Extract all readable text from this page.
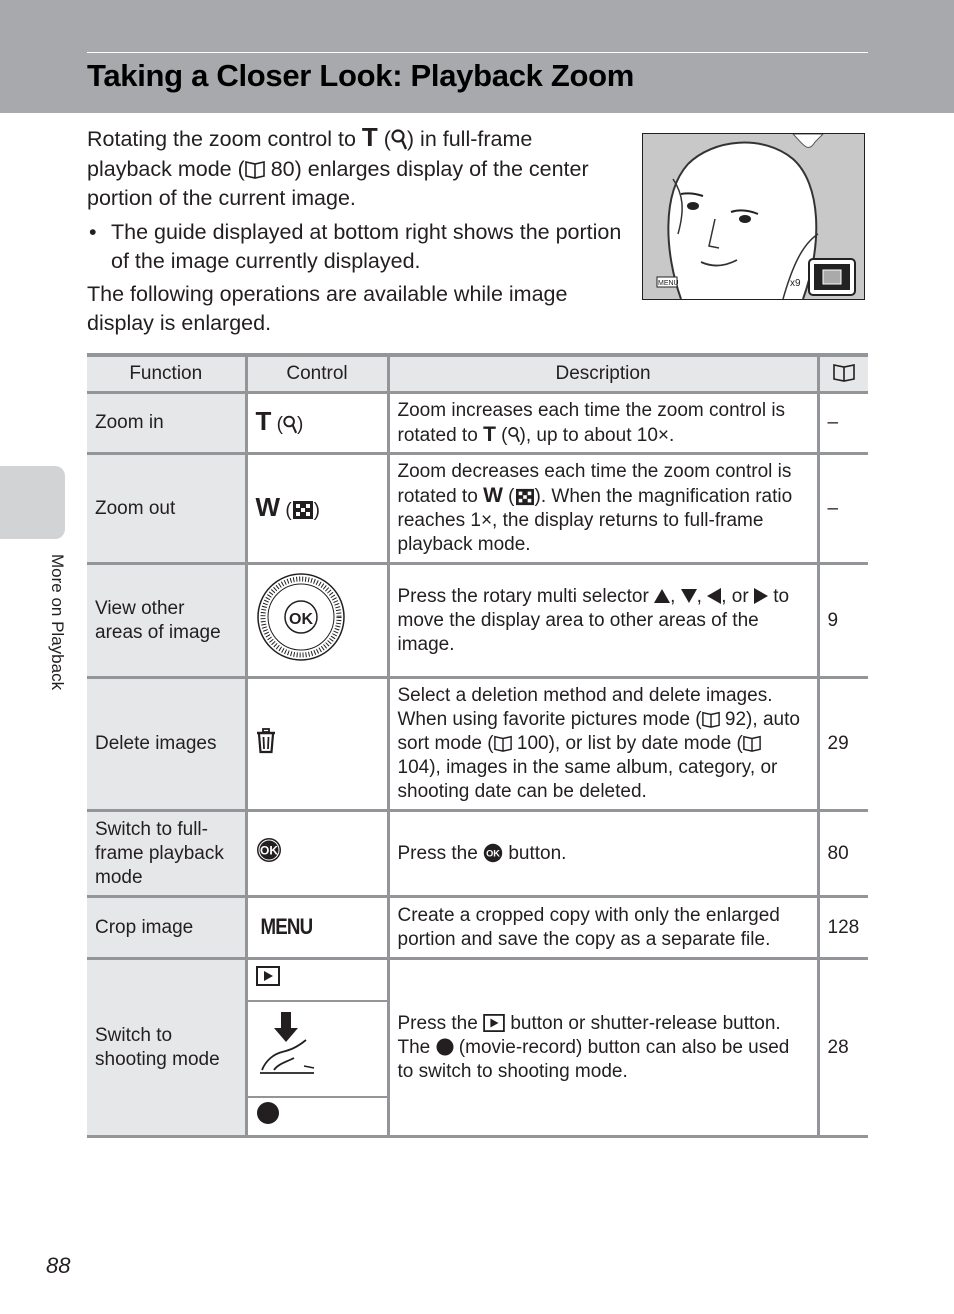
Taking a Closer Look: Playback Zoom

Rotating the zoom control to T ( ) in full-frame playback mode ( 80) enlarges display of the center portion of the current image.

• The guide displayed at bottom right shows the portion of the image currently displayed.

The following operations are available while image display is enlarged.

MENU	x9
Function	Control	Description	
Zoom in	T ( )	Zoom increases each time the zoom control is rotated to T ( ), up to about 10×.	–
Zoom out	W ( )	Zoom decreases each time the zoom control is rotated to W ( ). When the magnification ratio reaches 1×, the display returns to full-frame playback mode.	–
View other areas of image	OK	Press the rotary multi selector , , , or  to move the display area to other areas of the image.	9
Delete images		Select a deletion method and delete images. When using favorite pictures mode ( 92), auto sort mode ( 100), or list by date mode ( 104), images in the same album, category, or shooting date can be deleted.	29
Switch to full-frame playback mode	OK	Press the OK button.	80
Crop image	MENU	Create a cropped copy with only the enlarged portion and save the copy as a separate file.	128
Switch to shooting mode		Press the  button or shutter-release button. The  (movie-record) button can also be used to switch to shooting mode.	28

More on Playback
88
